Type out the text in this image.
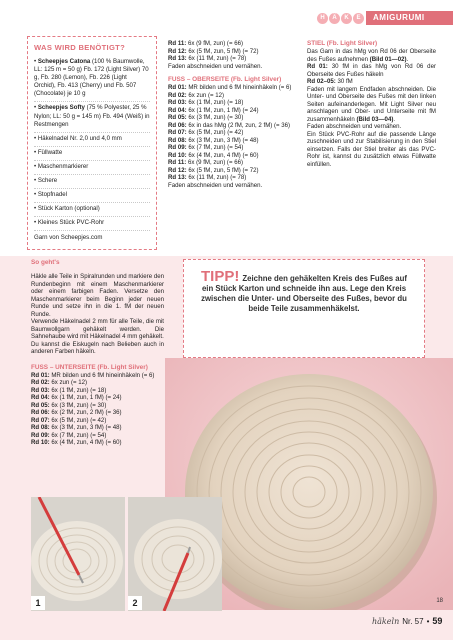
H	Ä	K	E	AMIGURUMI
WAS WIRD BENÖTIGT?
• Scheepjes Catona (100 % Baumwolle, LL: 125 m = 50 g) Fb. 172 (Light Silver) 70 g, Fb. 280 (Lemon), Fb. 226 (Light Orchid), Fb. 413 (Cherry) und Fb. 507 (Chocolate) je 10 g
• Scheepjes Softy (75 % Polyester, 25 % Nylon; LL: 50 g = 145 m) Fb. 494 (Weiß) in Restmengen
• Häkelnadel Nr. 2,0 und 4,0 mm
• Füllwatte
• Maschenmarkierer
• Schere
• Stopfnadel
• Stück Karton (optional)
• Kleines Stück PVC-Rohr
Garn von Scheepjes.com

Rd 11: 6x (9 fM, zun) (= 66)

Rd 12: 6x (5 fM, zun, 5 fM) (= 72)

Rd 13: 6x (11 fM, zun) (= 78)

Faden abschneiden und vernähen.

FUSS – OBERSEITE (Fb. Light Silver)

Rd 01: MR bilden und 6 fM hineinhäkeln (= 6)

Rd 02: 6x zun (= 12)

Rd 03: 6x (1 fM, zun) (= 18)

Rd 04: 6x (1 fM, zun, 1 fM) (= 24)

Rd 05: 6x (3 fM, zun) (= 30)

Rd 06: 6x in das hMg (2 fM, zun, 2 fM) (= 36)

Rd 07: 6x (5 fM, zun) (= 42)

Rd 08: 6x (3 fM, zun, 3 fM) (= 48)

Rd 09: 6x (7 fM, zun) (= 54)

Rd 10: 6x (4 fM, zun, 4 fM) (= 60)

Rd 11: 6x (9 fM, zun) (= 66)

Rd 12: 6x (5 fM, zun, 5 fM) (= 72)

Rd 13: 6x (11 fM, zun) (= 78)

Faden abschneiden und vernähen.

STIEL (Fb. Light Silver)

Das Garn in das hMg von Rd 06 der Oberseite des Fußes aufnehmen (Bild 01—02).

Rd 01: 30 fM in das hMg von Rd 06 der Oberseite des Fußes häkeln

Rd 02–05: 30 fM

Faden mit langem Endfaden abschneiden. Die Unter- und Oberseite des Fußes mit den linken Seiten aufeinanderlegen. Mit Light Silver neu anschlagen und Ober- und Unterseite mit fM zusammenhäkeln (Bild 03—04).

Faden abschneiden und vernähen.

Ein Stück PVC-Rohr auf die passende Länge zuschneiden und zur Stabilisierung in den Stiel einsetzen. Falls der Stiel breiter als das PVC-Rohr ist, kannst du zusätzlich etwas Füllwatte einfüllen.

So geht's

Häkle alle Teile in Spiralrunden und markiere den Rundenbeginn mit einem Maschenmarkierer oder einem farbigen Faden. Versetze den Maschenmarkierer beim Beginn jeder neuen Runde und setze ihn in die 1. fM der neuen Runde.

Verwende Häkelnadel 2 mm für alle Teile, die mit Baumwollgarn gehäkelt werden. Die Sahnehaube wird mit Häkelnadel 4 mm gehäkelt.

Du kannst die Eiskugeln nach Belieben auch in anderen Farben häkeln.

FUSS – UNTERSEITE (Fb. Light Silver)

Rd 01: MR bilden und 6 fM hineinhäkeln (= 6)

Rd 02: 6x zun (= 12)

Rd 03: 6x (1 fM, zun) (= 18)

Rd 04: 6x (1 fM, zun, 1 fM) (= 24)

Rd 05: 6x (3 fM, zun) (= 30)

Rd 06: 6x (2 fM, zun, 2 fM) (= 36)

Rd 07: 6x (5 fM, zun) (= 42)

Rd 08: 6x (3 fM, zun, 3 fM) (= 48)

Rd 09: 6x (7 fM, zun) (= 54)

Rd 10: 6x (4 fM, zun, 4 fM) (= 60)

TIPP! Zeichne den gehäkelten Kreis des Fußes auf ein Stück Karton und schneide ihn aus. Lege den Kreis zwischen die Unter- und Oberseite des Fußes, bevor du beide Teile zusammenhäkelst.
18
1	2
häkeln Nr. 57 • 59
